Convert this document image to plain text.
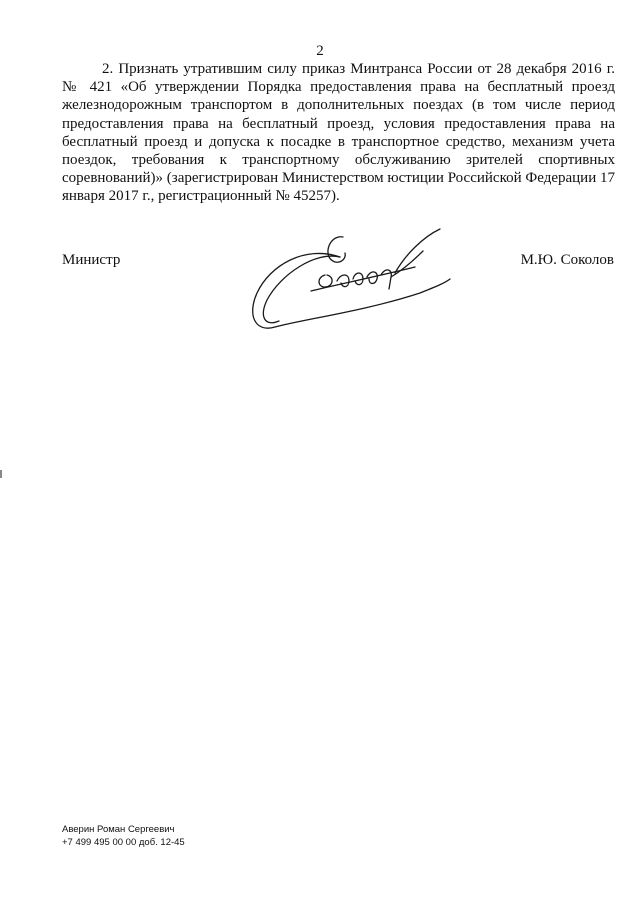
2

2. Признать утратившим силу приказ Минтранса России от 28 декабря 2016 г. № 421 «Об утверждении Порядка предоставления права на бесплатный проезд железнодорожным транспортом в дополнительных поездах (в том числе период предоставления права на бесплатный проезд, условия предоставления права на бесплатный проезд и допуска к посадке в транспортное средство, механизм учета поездок, требования к транспортному обслуживанию зрителей спортивных соревнований)» (зарегистрирован Министерством юстиции Российской Федерации 17 января 2017 г., регистрационный № 45257).

Министр	М.Ю. Соколов
Аверин Роман Сергеевич
+7 499 495 00 00 доб. 12-45
